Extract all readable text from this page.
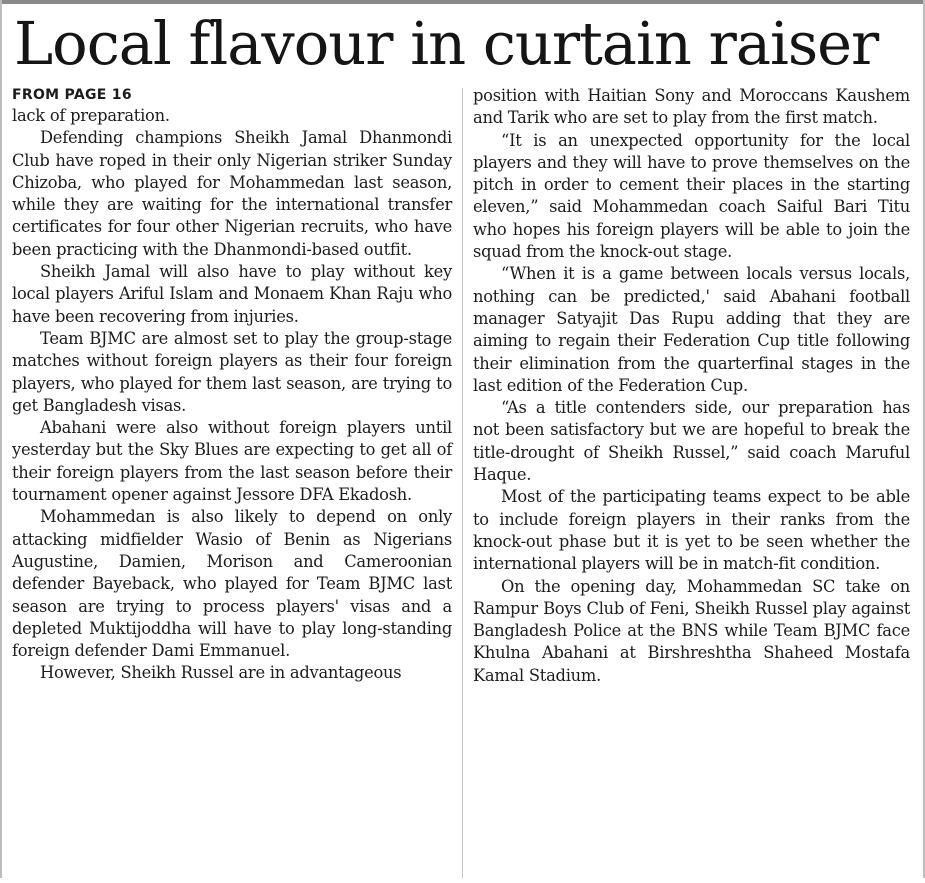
Local flavour in curtain raiser

FROM PAGE 16

lack of preparation.

Defending champions Sheikh Jamal Dhanmondi Club have roped in their only Nigerian striker Sunday Chizoba, who played for Mohammedan last season, while they are waiting for the international transfer certificates for four other Nigerian recruits, who have been practicing with the Dhanmondi-based outfit.

Sheikh Jamal will also have to play without key local players Ariful Islam and Monaem Khan Raju who have been recovering from injuries.

Team BJMC are almost set to play the group-stage matches without foreign players as their four foreign players, who played for them last season, are trying to get Bangladesh visas.

Abahani were also without foreign players until yesterday but the Sky Blues are expecting to get all of their foreign players from the last season before their tournament opener against Jessore DFA Ekadosh.

Mohammedan is also likely to depend on only attacking midfielder Wasio of Benin as Nigerians Augustine, Damien, Morison and Cameroonian defender Bayeback, who played for Team BJMC last season are trying to process players' visas and a depleted Muktijoddha will have to play long-standing foreign defender Dami Emmanuel.

However, Sheikh Russel are in advantageous

position with Haitian Sony and Moroccans Kaushem and Tarik who are set to play from the first match.

“It is an unexpected opportunity for the local players and they will have to prove themselves on the pitch in order to cement their places in the starting eleven,” said Mohammedan coach Saiful Bari Titu who hopes his foreign players will be able to join the squad from the knock-out stage.

“When it is a game between locals versus locals, nothing can be predicted,' said Abahani football manager Satyajit Das Rupu adding that they are aiming to regain their Federation Cup title following their elimination from the quarterfinal stages in the last edition of the Federation Cup.

“As a title contenders side, our preparation has not been satisfactory but we are hopeful to break the title-drought of Sheikh Russel,” said coach Maruful Haque.

Most of the participating teams expect to be able to include foreign players in their ranks from the knock-out phase but it is yet to be seen whether the international players will be in match-fit condition.

On the opening day, Mohammedan SC take on Rampur Boys Club of Feni, Sheikh Russel play against Bangladesh Police at the BNS while Team BJMC face Khulna Abahani at Birshreshtha Shaheed Mostafa Kamal Stadium.
